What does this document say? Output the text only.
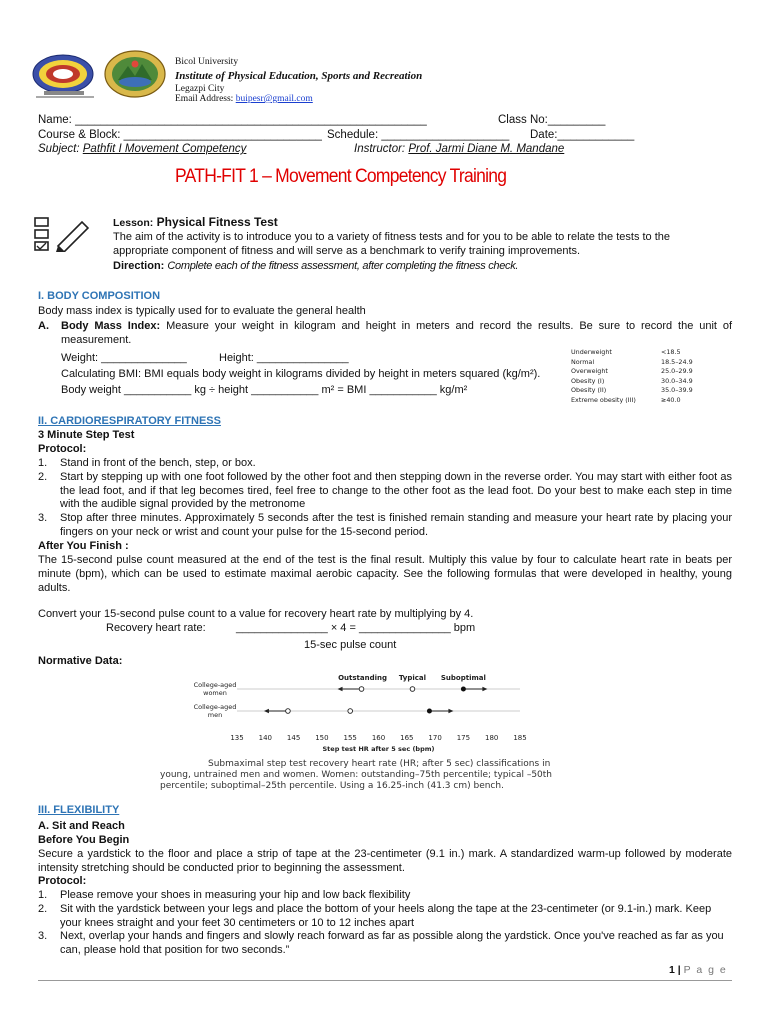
Bicol University
Institute of Physical Education, Sports and Recreation
Legazpi City
Email Address: buipesr@gmail.com
Name: _______________________________________________________	Class No:_________
Course & Block: _______________________________ Schedule: ____________________ Date:____________
Subject: Pathfit I Movement Competency	Instructor: Prof. Jarmi Diane M. Mandane
PATH-FIT 1 – Movement Competency Training
Lesson: Physical Fitness Test
The aim of the activity is to introduce you to a variety of fitness tests and for you to be able to relate the tests to the appropriate component of fitness and will serve as a benchmark to verify training improvements.
Direction: Complete each of the fitness assessment, after completing the fitness check.
I. BODY COMPOSITION
Body mass index is typically used for to evaluate the general health
A. Body Mass Index: Measure your weight in kilogram and height in meters and record the results. Be sure to record the unit of measurement.
Weight: ______________	Height: _______________
Calculating BMI: BMI equals body weight in kilograms divided by height in meters squared (kg/m²).
Body weight ___________ kg ÷ height ___________ m² = BMI ___________ kg/m²
Underweight	<18.5
Normal	18.5–24.9
Overweight	25.0–29.9
Obesity (I)	30.0–34.9
Obesity (II)	35.0–39.9
Extreme obesity (III)	≥40.0
II. CARDIORESPIRATORY FITNESS
3 Minute Step Test
Protocol:
1. Stand in front of the bench, step, or box.
2. Start by stepping up with one foot followed by the other foot and then stepping down in the reverse order. You may start with either foot as the lead foot, and if that leg becomes tired, feel free to change to the other foot as the lead foot. Do your best to make each step in time with the audible signal provided by the metronome
3. Stop after three minutes. Approximately 5 seconds after the test is finished remain standing and measure your heart rate by placing your fingers on your neck or wrist and count your pulse for the 15-second period.
After You Finish :
The 15-second pulse count measured at the end of the test is the final result. Multiply this value by four to calculate heart rate in beats per minute (bpm), which can be used to estimate maximal aerobic capacity. See the following formulas that were developed in healthy, young adults.
Convert your 15-second pulse count to a value for recovery heart rate by multiplying by 4.
Recovery heart rate:	_______________ × 4 = _______________ bpm
15-sec pulse count
Normative Data:
Outstanding Typical Suboptimal
College-aged
women
College-aged
men
135 140 145 150 155 160 165 170 175 180 185
Step test HR after 5 sec (bpm)
Submaximal step test recovery heart rate (HR; after 5 sec) classifications in young, untrained men and women. Women: outstanding–75th percentile; typical –50th percentile; suboptimal–25th percentile. Using a 16.25-inch (41.3 cm) bench.
III. FLEXIBILITY
A. Sit and Reach
Before You Begin
Secure a yardstick to the floor and place a strip of tape at the 23-centimeter (9.1 in.) mark. A standardized warm-up followed by moderate intensity stretching should be conducted prior to beginning the assessment.
Protocol:
1. Please remove your shoes in measuring your hip and low back flexibility
2. Sit with the yardstick between your legs and place the bottom of your heels along the tape at the 23-centimeter (or 9.1-in.) mark. Keep your knees straight and your feet 30 centimeters or 10 to 12 inches apart
3. Next, overlap your hands and fingers and slowly reach forward as far as possible along the yardstick. Once you've reached as far as you can, please hold that position for two seconds.”
1 | P a g e
